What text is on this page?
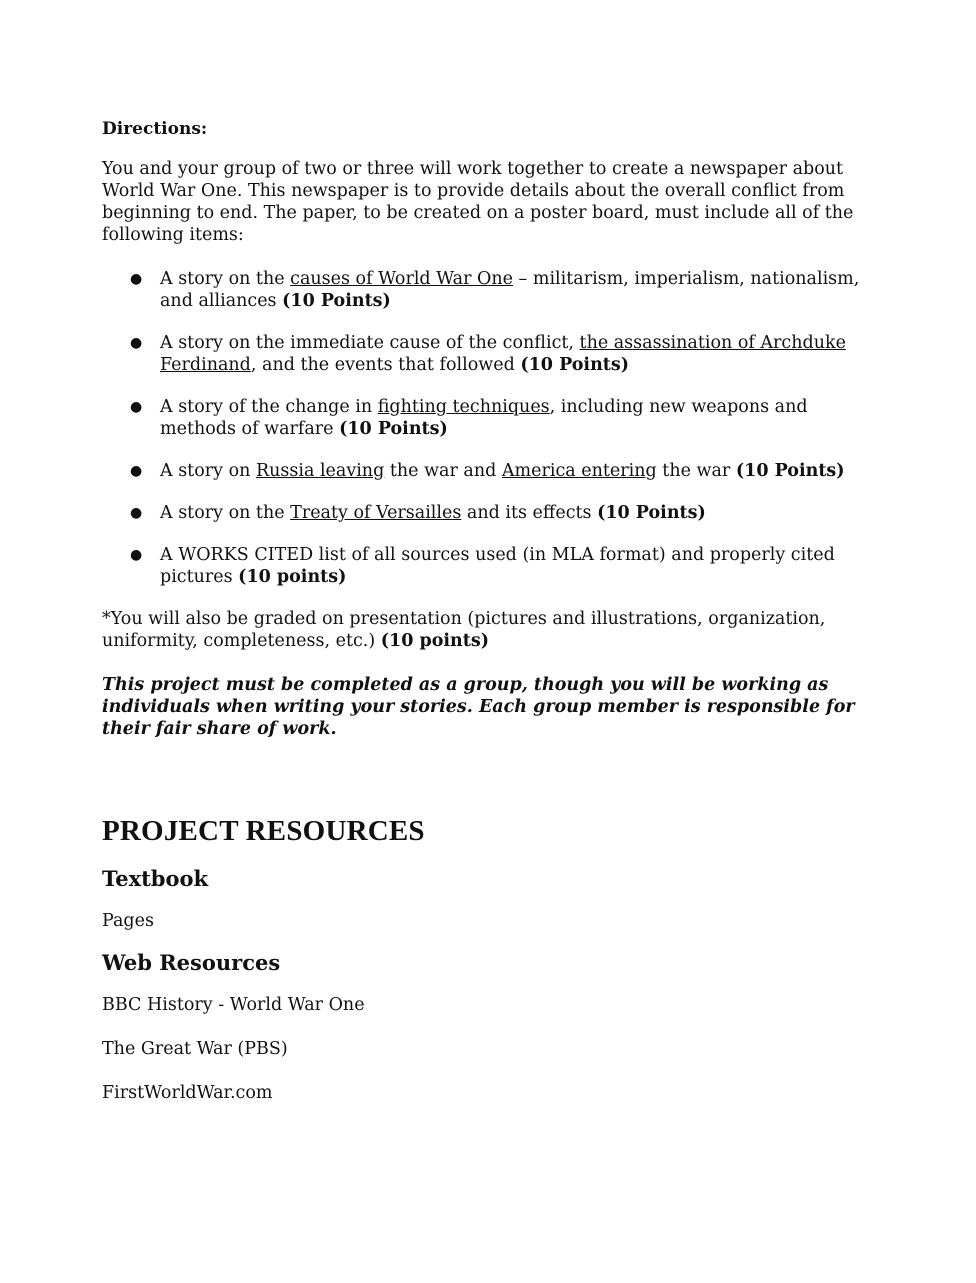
Directions:

You and your group of two or three will work together to create a newspaper about World War One. This newspaper is to provide details about the overall conflict from beginning to end. The paper, to be created on a poster board, must include all of the following items:

● A story on the causes of World War One – militarism, imperialism, nationalism, and alliances (10 Points)
● A story on the immediate cause of the conflict, the assassination of Archduke Ferdinand, and the events that followed (10 Points)
● A story of the change in fighting techniques, including new weapons and methods of warfare (10 Points)
● A story on Russia leaving the war and America entering the war (10 Points)
● A story on the Treaty of Versailles and its effects (10 Points)
● A WORKS CITED list of all sources used (in MLA format) and properly cited pictures (10 points)

*You will also be graded on presentation (pictures and illustrations, organization, uniformity, completeness, etc.) (10 points)

This project must be completed as a group, though you will be working as individuals when writing your stories. Each group member is responsible for their fair share of work.

PROJECT RESOURCES
Textbook
Pages
Web Resources
BBC History - World War One
The Great War (PBS)
FirstWorldWar.com
